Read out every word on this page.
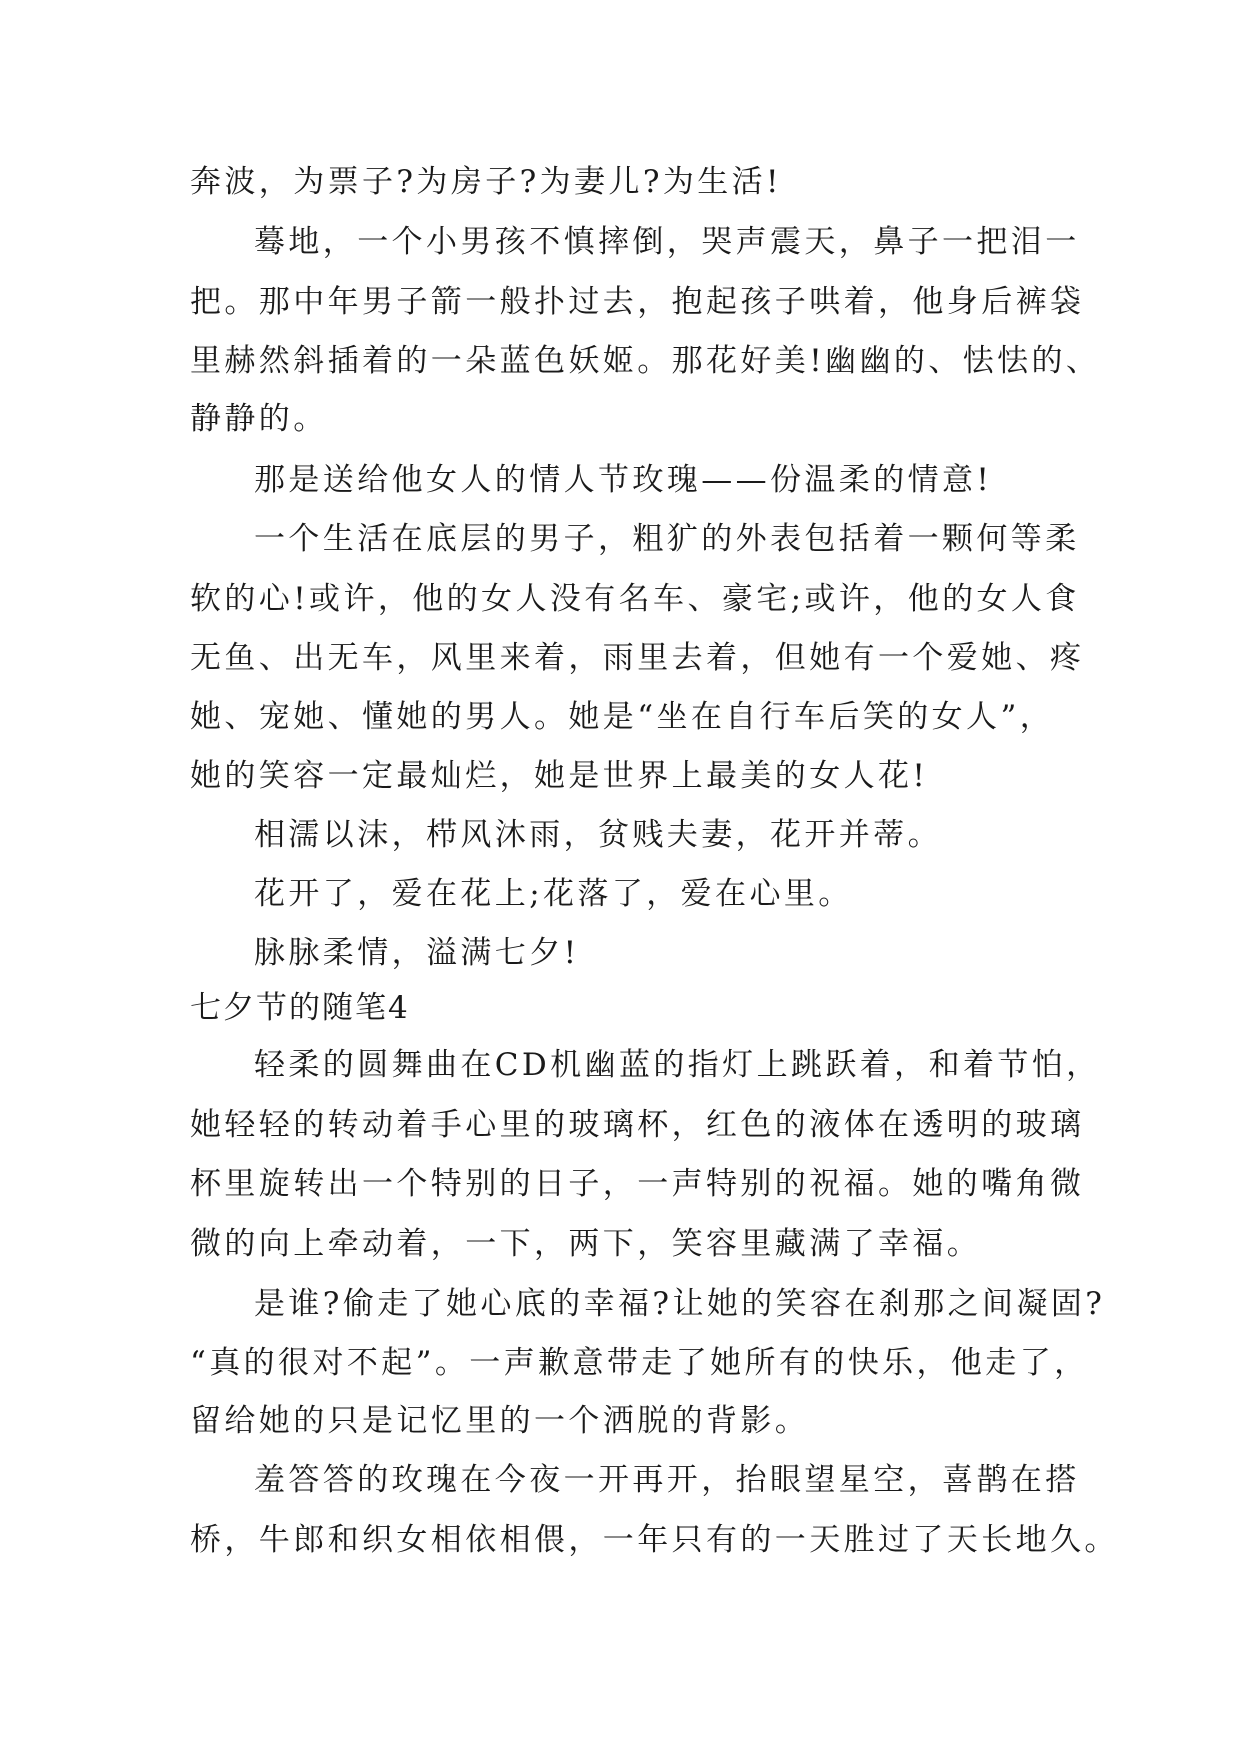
奔波，为票子?为房子?为妻儿?为生活!
蓦地，一个小男孩不慎摔倒，哭声震天，鼻子一把泪一
把。那中年男子箭一般扑过去，抱起孩子哄着，他身后裤袋
里赫然斜插着的一朵蓝色妖姬。那花好美!幽幽的、怯怯的、
静静的。
那是送给他女人的情人节玫瑰——份温柔的情意!
一个生活在底层的男子，粗犷的外表包括着一颗何等柔
软的心!或许，他的女人没有名车、豪宅;或许，他的女人食
无鱼、出无车，风里来着，雨里去着，但她有一个爱她、疼
她、宠她、懂她的男人。她是“坐在自行车后笑的女人”，
她的笑容一定最灿烂，她是世界上最美的女人花!
相濡以沫，栉风沐雨，贫贱夫妻，花开并蒂。
花开了，爱在花上;花落了，爱在心里。
脉脉柔情，溢满七夕!
七夕节的随笔4
轻柔的圆舞曲在CD机幽蓝的指灯上跳跃着，和着节怕，
她轻轻的转动着手心里的玻璃杯，红色的液体在透明的玻璃
杯里旋转出一个特别的日子，一声特别的祝福。她的嘴角微
微的向上牵动着，一下，两下，笑容里藏满了幸福。
是谁?偷走了她心底的幸福?让她的笑容在刹那之间凝固?
“真的很对不起”。一声歉意带走了她所有的快乐，他走了，
留给她的只是记忆里的一个洒脱的背影。
羞答答的玫瑰在今夜一开再开，抬眼望星空，喜鹊在搭
桥，牛郎和织女相依相偎，一年只有的一天胜过了天长地久。
